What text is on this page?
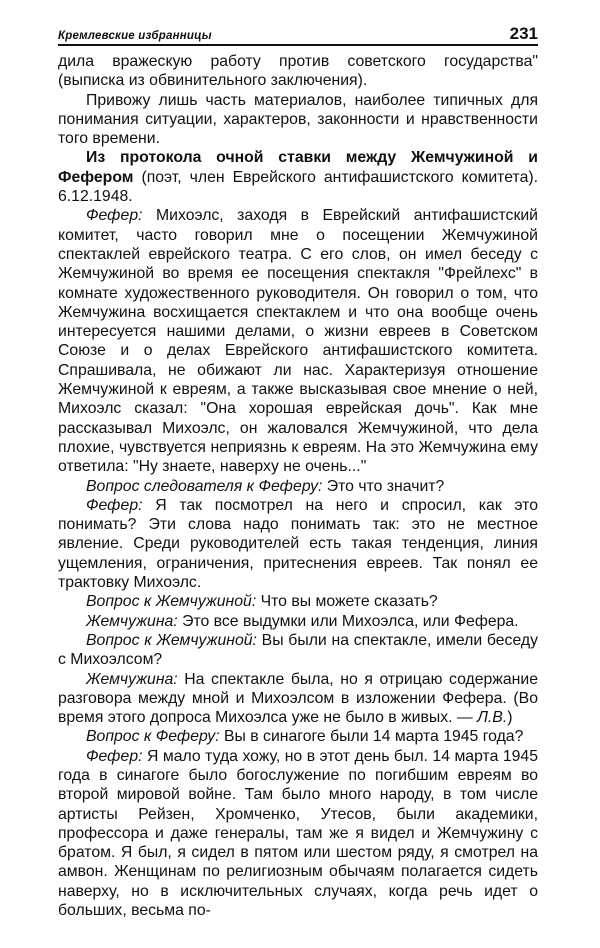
Кремлевские избранницы	231

дила вражескую работу против советского государства" (выписка из обвинительного заключения).

Привожу лишь часть материалов, наиболее типичных для понимания ситуации, характеров, законности и нравственности того времени.

Из протокола очной ставки между Жемчужиной и Фефером (поэт, член Еврейского антифашистского комитета). 6.12.1948.

Фефер: Михоэлс, заходя в Еврейский антифашистский комитет, часто говорил мне о посещении Жемчужиной спектаклей еврейского театра. С его слов, он имел беседу с Жемчужиной во время ее посещения спектакля "Фрейлехс" в комнате художественного руководителя. Он говорил о том, что Жемчужина восхищается спектаклем и что она вообще очень интересуется нашими делами, о жизни евреев в Советском Союзе и о делах Еврейского антифашистского комитета. Спрашивала, не обижают ли нас. Характеризуя отношение Жемчужиной к евреям, а также высказывая свое мнение о ней, Михоэлс сказал: "Она хорошая еврейская дочь". Как мне рассказывал Михоэлс, он жаловался Жемчужиной, что дела плохие, чувствуется неприязнь к евреям. На это Жемчужина ему ответила: "Ну знаете, наверху не очень..."

Вопрос следователя к Феферу: Это что значит?

Фефер: Я так посмотрел на него и спросил, как это понимать? Эти слова надо понимать так: это не местное явление. Среди руководителей есть такая тенденция, линия ущемления, ограничения, притеснения евреев. Так понял ее трактовку Михоэлс.

Вопрос к Жемчужиной: Что вы можете сказать?

Жемчужина: Это все выдумки или Михоэлса, или Фефера.

Вопрос к Жемчужиной: Вы были на спектакле, имели беседу с Михоэлсом?

Жемчужина: На спектакле была, но я отрицаю содержание разговора между мной и Михоэлсом в изложении Фефера. (Во время этого допроса Михоэлса уже не было в живых. — Л.В.)

Вопрос к Феферу: Вы в синагоге были 14 марта 1945 года?

Фефер: Я мало туда хожу, но в этот день был. 14 марта 1945 года в синагоге было богослужение по погибшим евреям во второй мировой войне. Там было много народу, в том числе артисты Рейзен, Хромченко, Утесов, были академики, профессора и даже генералы, там же я видел и Жемчужину с братом. Я был, я сидел в пятом или шестом ряду, я смотрел на амвон. Женщинам по религиозным обычаям полагается сидеть наверху, но в исключительных случаях, когда речь идет о больших, весьма по-
